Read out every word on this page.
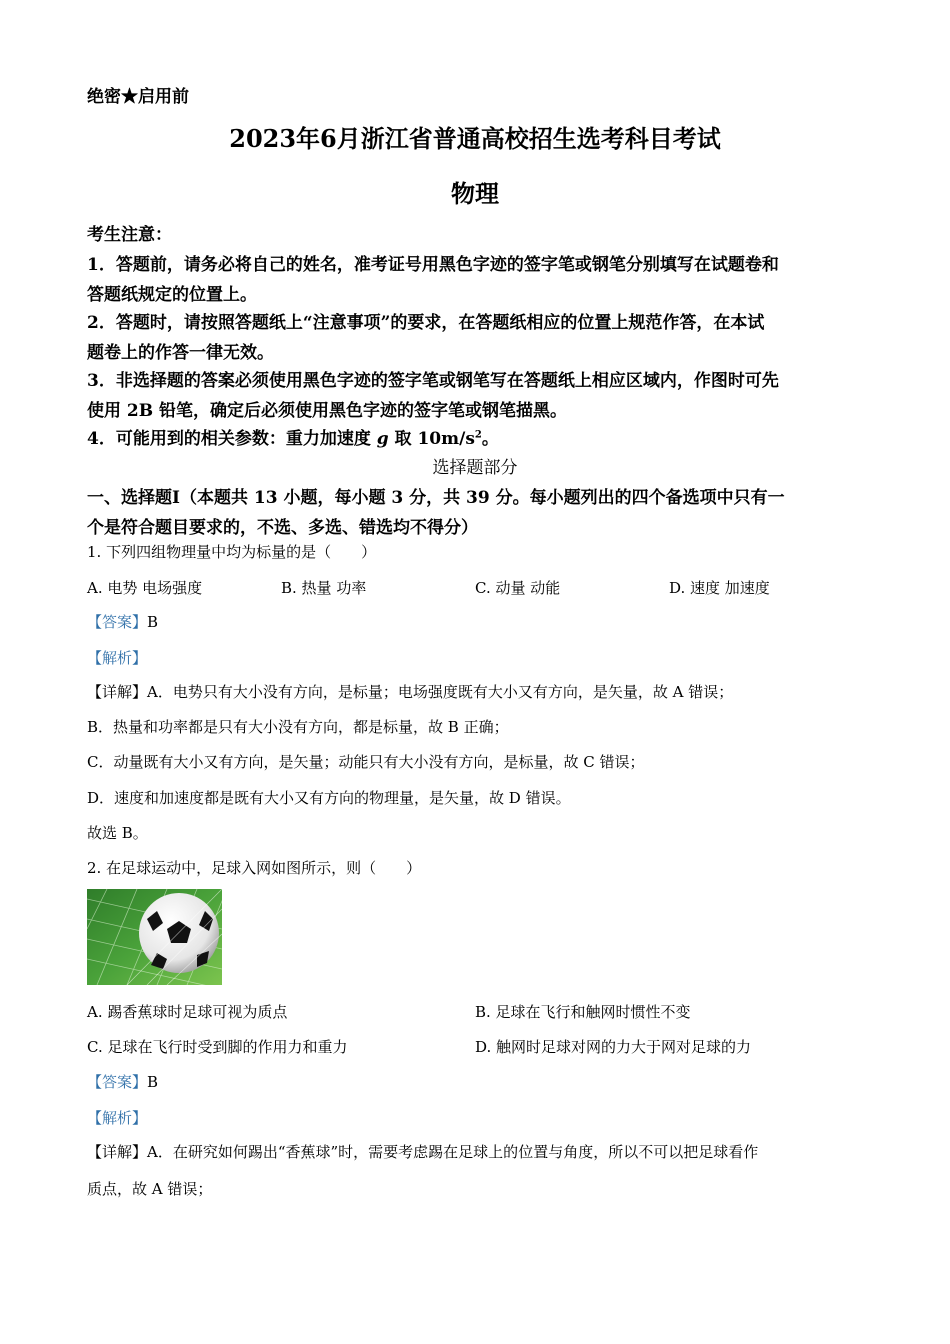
绝密★启用前
2023年6月浙江省普通高校招生选考科目考试
物理
考生注意：
1．答题前，请务必将自己的姓名，准考证号用黑色字迹的签字笔或钢笔分别填写在试题卷和
答题纸规定的位置上。
2．答题时，请按照答题纸上“注意事项”的要求，在答题纸相应的位置上规范作答，在本试
题卷上的作答一律无效。
3．非选择题的答案必须使用黑色字迹的签字笔或钢笔写在答题纸上相应区域内，作图时可先
使用 2B 铅笔，确定后必须使用黑色字迹的签字笔或钢笔描黑。
4．可能用到的相关参数：重力加速度 g 取 $10m/s^2$。
选择题部分
一、选择题Ⅰ（本题共 13 小题，每小题 3 分，共 39 分。每小题列出的四个备选项中只有一
个是符合题目要求的，不选、多选、错选均不得分）
1. 下列四组物理量中均为标量的是（　　）
A. 电势 电场强度	B. 热量 功率	C. 动量 动能	D. 速度 加速度
【答案】B
【解析】
【详解】A．电势只有大小没有方向，是标量；电场强度既有大小又有方向，是矢量，故 A 错误；
B．热量和功率都是只有大小没有方向，都是标量，故 B 正确；
C．动量既有大小又有方向，是矢量；动能只有大小没有方向，是标量，故 C 错误；
D．速度和加速度都是既有大小又有方向的物理量，是矢量，故 D 错误。
故选 B。
2. 在足球运动中，足球入网如图所示，则（　　）
A. 踢香蕉球时足球可视为质点	B. 足球在飞行和触网时惯性不变
C. 足球在飞行时受到脚的作用力和重力	D. 触网时足球对网的力大于网对足球的力
【答案】B
【解析】
【详解】A．在研究如何踢出“香蕉球”时，需要考虑踢在足球上的位置与角度，所以不可以把足球看作
质点，故 A 错误；
